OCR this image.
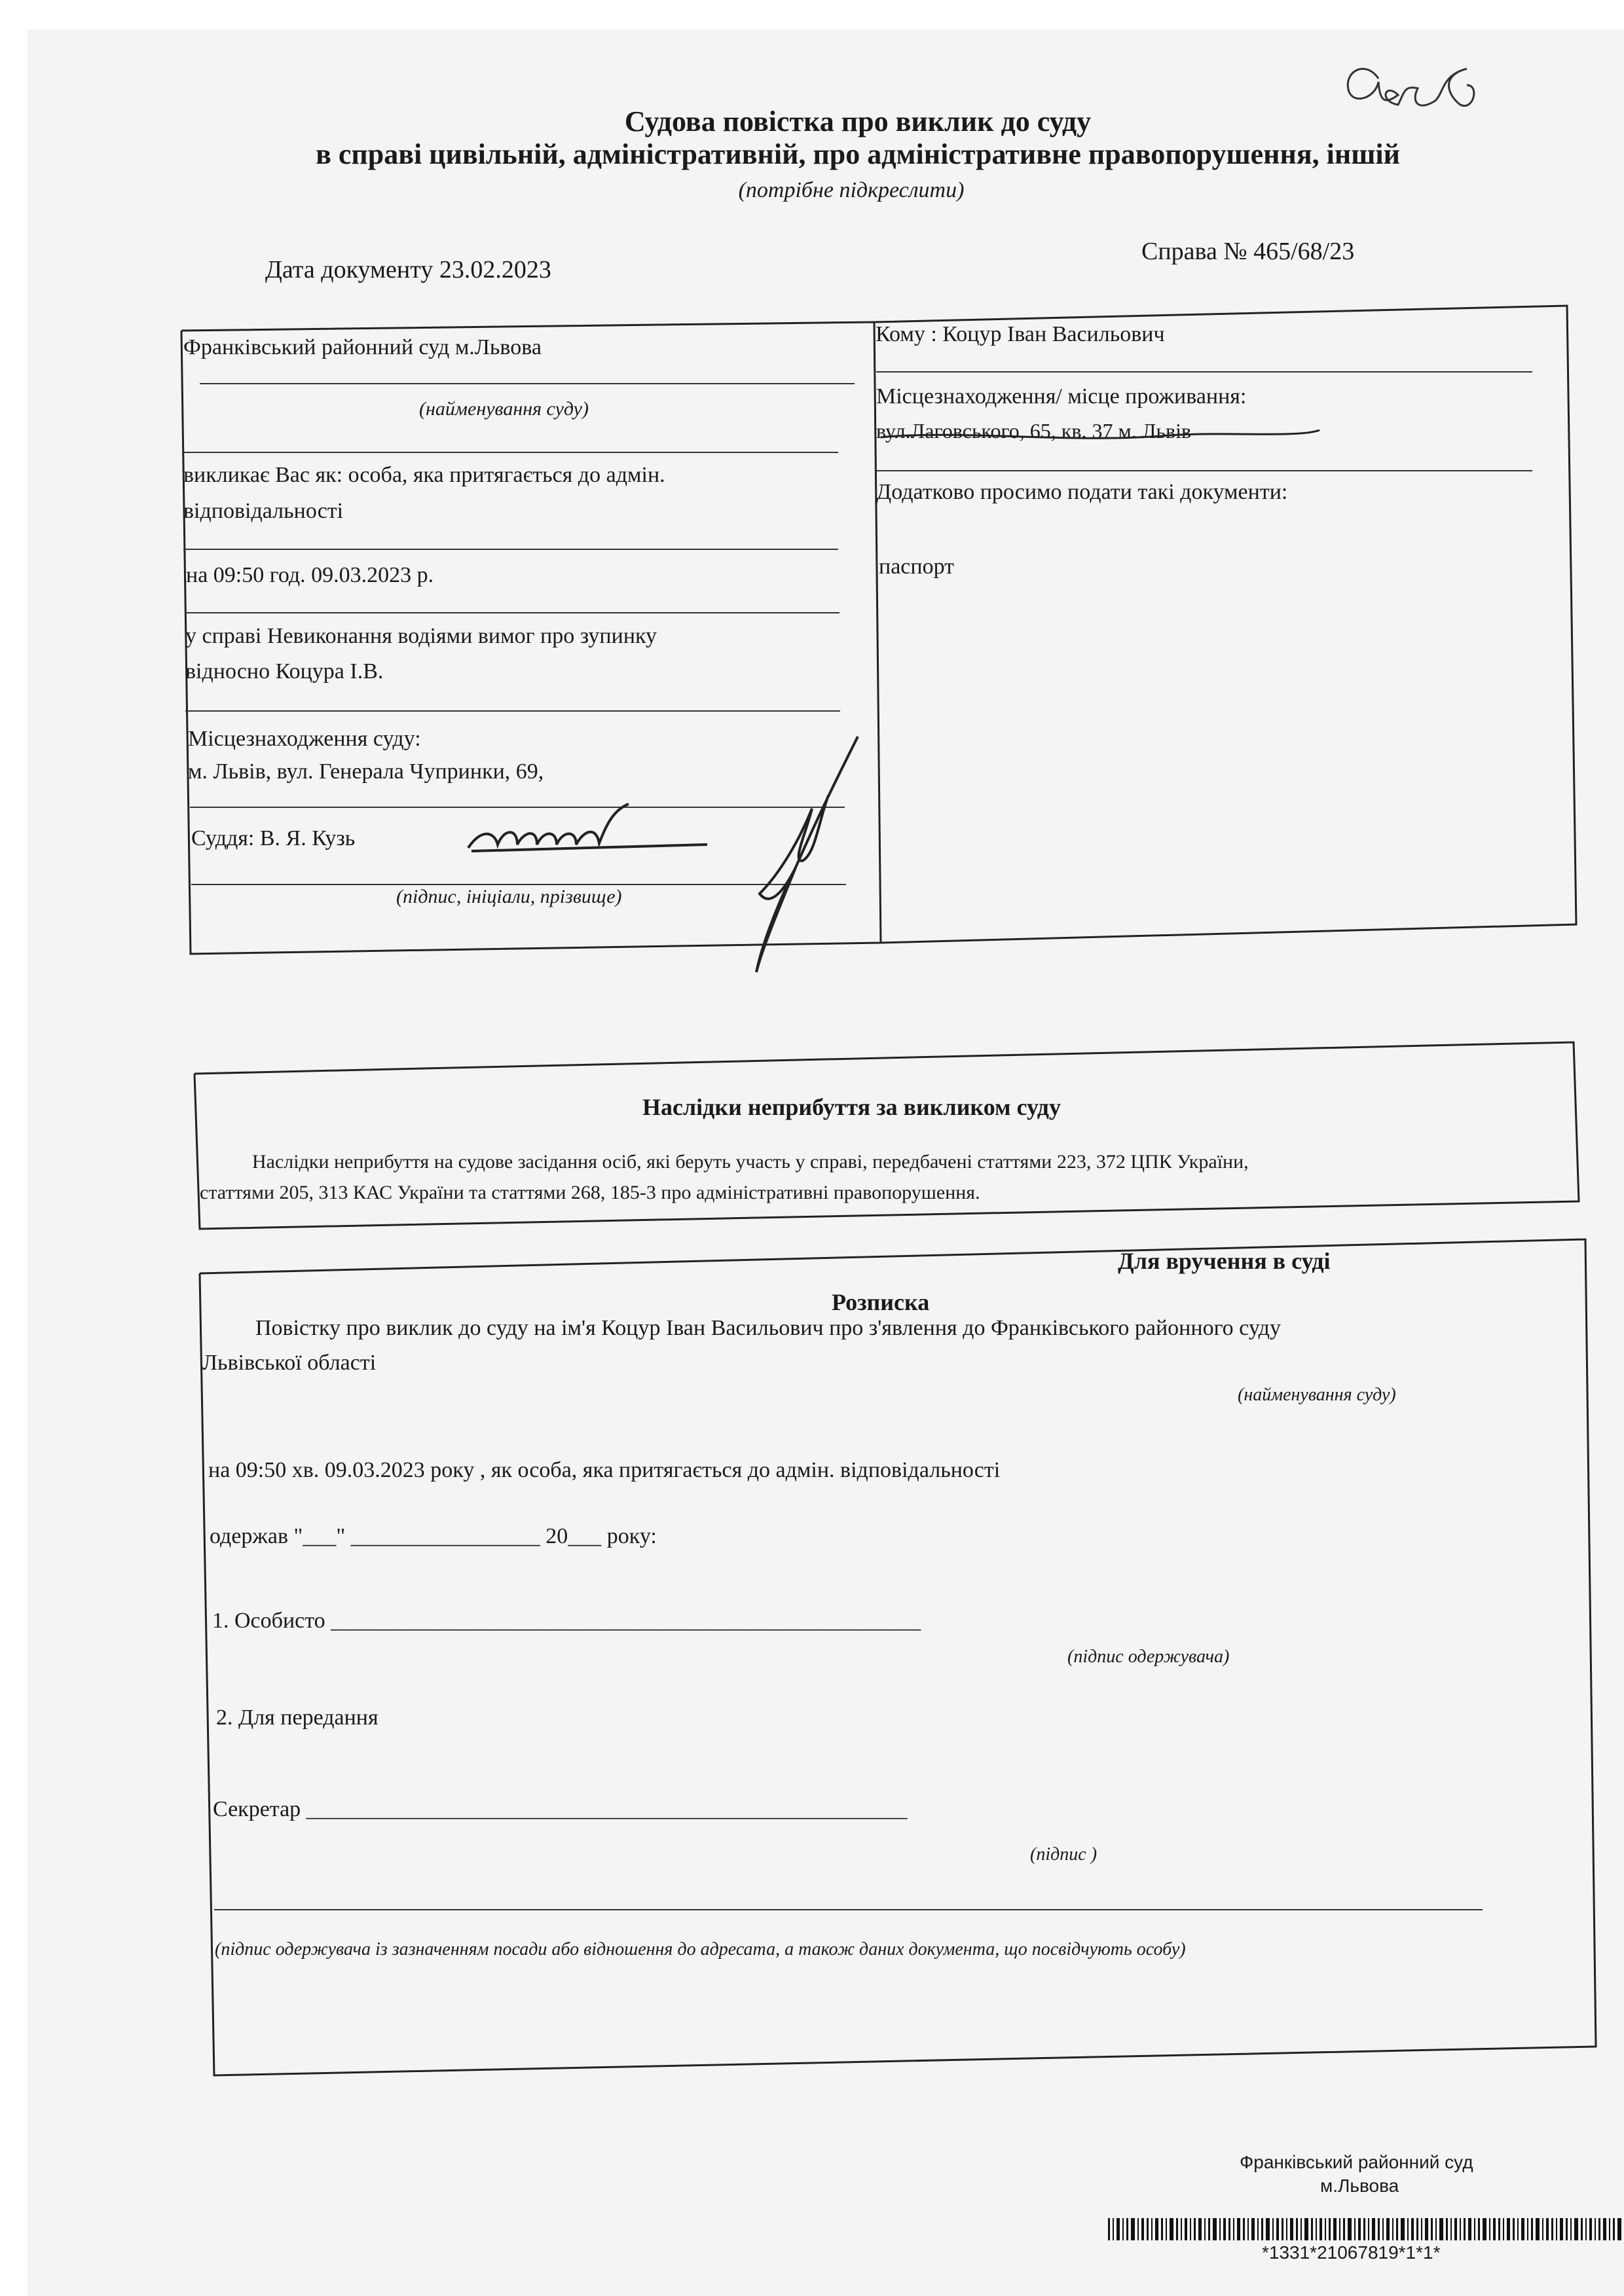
Судова повістка про виклик до суду
в справі цивільній, адміністративній, про адміністративне правопорушення, іншій
(потрібне підкреслити)
Дата документу 23.02.2023
Справа № 465/68/23
Франківський районний суд м.Львова
(найменування суду)
викликає Вас як: особа, яка притягається до адмін.
відповідальності
на 09:50 год. 09.03.2023 р.
у справі Невиконання водіями вимог про зупинку
відносно Коцура І.В.
Місцезнаходження суду:
м. Львів, вул. Генерала Чупринки, 69,
Суддя: В. Я. Кузь
(підпис, ініціали, прізвище)
Кому : Коцур Іван Васильович
Місцезнаходження/ місце проживання:
вул.Лаговського, 65, кв. 37 м. Львів
Додатково просимо подати такі документи:
паспорт
Наслідки неприбуття за викликом суду
Наслідки неприбуття на судове засідання осіб, які беруть участь у справі, передбачені статтями 223, 372 ЦПК України,
статтями 205, 313 КАС України та статтями 268, 185-3 про адміністративні правопорушення.
Для вручення в суді
Розписка
Повістку про виклик до суду на ім'я Коцур Іван Васильович про з'явлення до Франківського районного суду
Львівської області
(найменування суду)
на 09:50 хв. 09.03.2023 року , як особа, яка притягається до адмін. відповідальності
одержав "___" _________________ 20___ року:
1. Особисто _____________________________________________________
(підпис одержувача)
2. Для передання
Секретар ______________________________________________________
(підпис )
(підпис одержувача із зазначенням посади або відношення до адресата, а також даних документа, що посвідчують особу)
Франківський районний суд
м.Львова
*1331*21067819*1*1*
